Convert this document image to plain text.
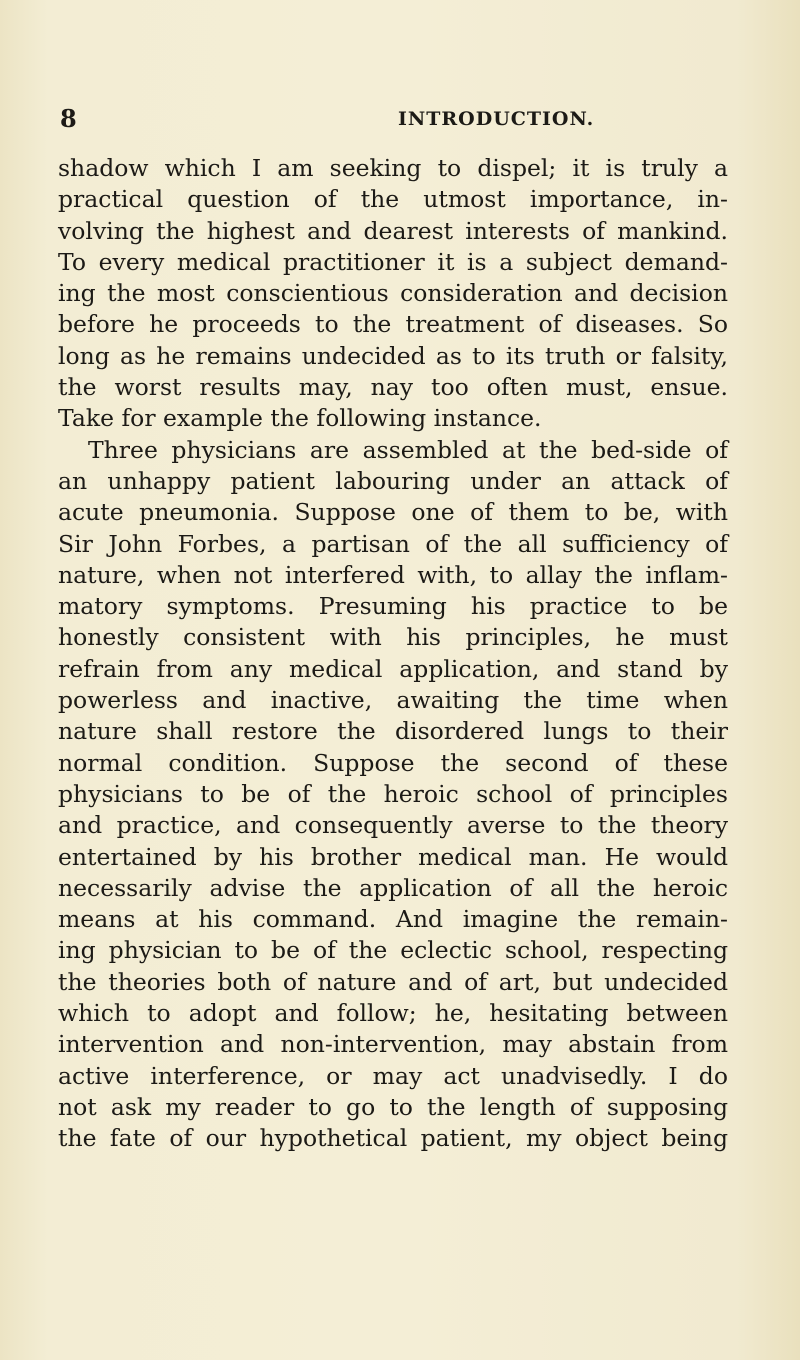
8	INTRODUCTION.
shadow which I am seeking to dispel; it is truly a
practical question of the utmost importance, in-
volving the highest and dearest interests of mankind.
To every medical practitioner it is a subject demand-
ing the most conscientious consideration and decision
before he proceeds to the treatment of diseases. So
long as he remains undecided as to its truth or falsity,
the worst results may, nay too often must, ensue.
Take for example the following instance.
Three physicians are assembled at the bed-side of
an unhappy patient labouring under an attack of
acute pneumonia. Suppose one of them to be, with
Sir John Forbes, a partisan of the all sufficiency of
nature, when not interfered with, to allay the inflam-
matory symptoms. Presuming his practice to be
honestly consistent with his principles, he must
refrain from any medical application, and stand by
powerless and inactive, awaiting the time when
nature shall restore the disordered lungs to their
normal condition. Suppose the second of these
physicians to be of the heroic school of principles
and practice, and consequently averse to the theory
entertained by his brother medical man. He would
necessarily advise the application of all the heroic
means at his command. And imagine the remain-
ing physician to be of the eclectic school, respecting
the theories both of nature and of art, but undecided
which to adopt and follow; he, hesitating between
intervention and non-intervention, may abstain from
active interference, or may act unadvisedly. I do
not ask my reader to go to the length of supposing
the fate of our hypothetical patient, my object being
